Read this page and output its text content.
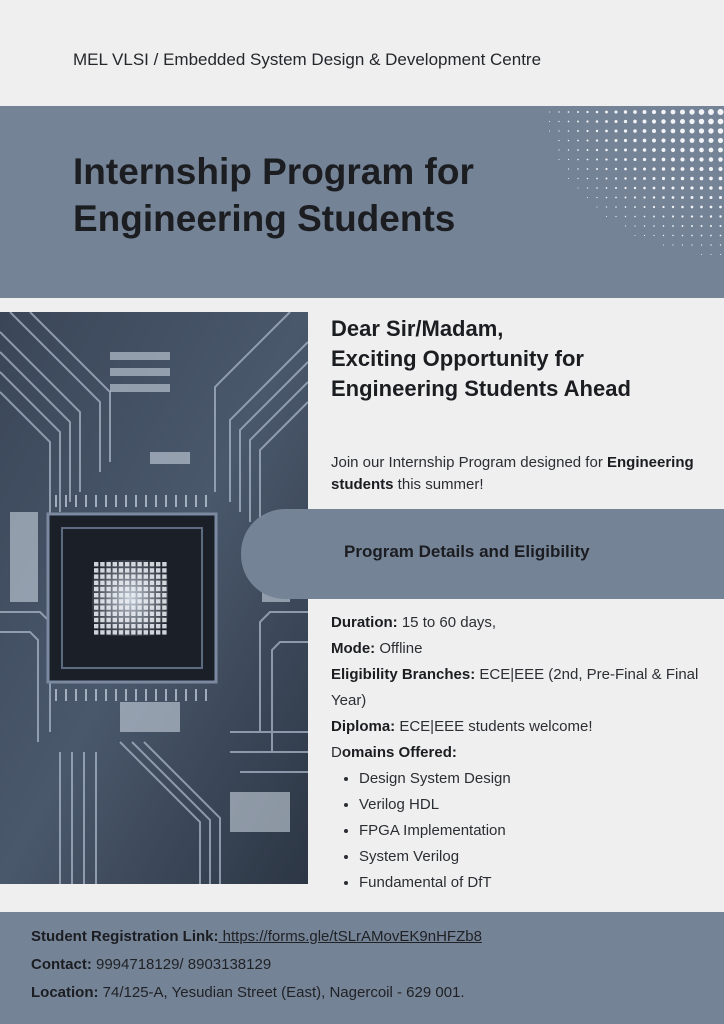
MEL VLSI / Embedded System Design & Development Centre
Internship Program for Engineering Students
Dear Sir/Madam,
Exciting Opportunity for Engineering Students Ahead
Join our Internship Program designed for Engineering students this summer!
Program Details and Eligibility

Duration: 15 to 60 days,

Mode: Offline

Eligibility Branches: ECE|EEE (2nd, Pre-Final & Final Year)

Diploma: ECE|EEE students welcome!

Domains Offered:

• Design System Design
• Verilog HDL
• FPGA Implementation
• System Verilog
• Fundamental of DfT
Student Registration Link: https://forms.gle/tSLrAMovEK9nHFZb8
Contact: 9994718129/ 8903138129
Location: 74/125-A, Yesudian Street (East), Nagercoil - 629 001.
